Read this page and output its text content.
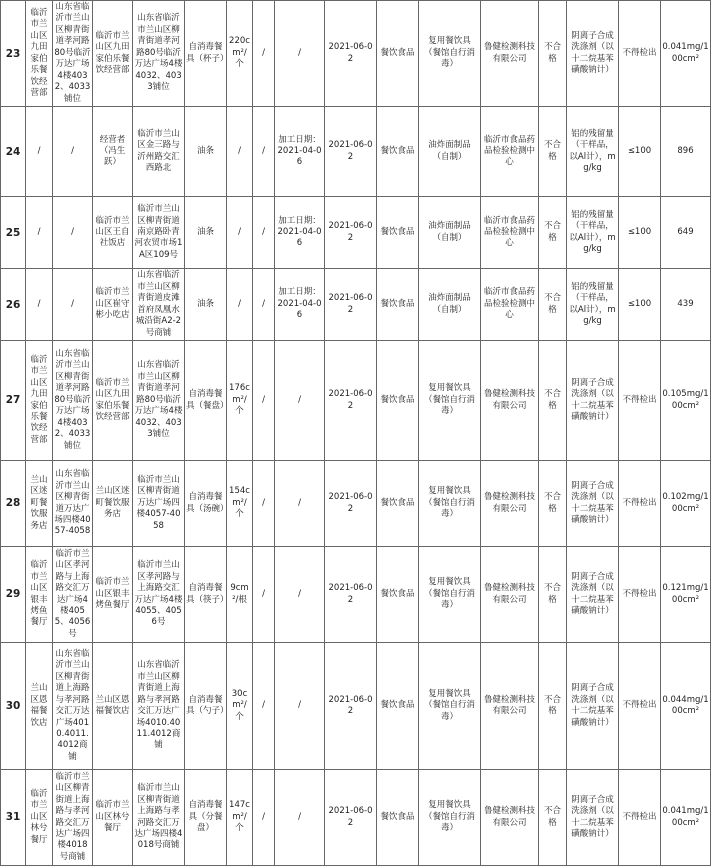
23	临沂市兰山区九田家伯乐餐饮经营部	山东省临沂市兰山区柳青街道孝河路80号临沂万达广场4楼4032、4033铺位	临沂市兰山区九田家伯乐餐饮经营部	山东省临沂市兰山区柳青街道孝河路80号临沂万达广场4楼4032、4033铺位	自消毒餐具（杯子）	220cm²/个	/	/	2021-06-02	餐饮食品	复用餐饮具（餐馆自行消毒）	鲁健检测科技有限公司	不合格	阴离子合成洗涤剂（以十二烷基苯磺酸钠计）	不得检出	0.041mg/100cm²
24	/	/	经营者（冯生跃）	临沂市兰山区金三路与沂州路交汇西路北	油条	/	/	加工日期：2021-04-06	2021-06-02	餐饮食品	油炸面制品（自制）	临沂市食品药品检验检测中心	不合格	铝的残留量（干样品，以Al计），mg/kg	≤100	896
25	/	/	临沂市兰山区王自社饭店	临沂市兰山区柳青街道南京路卧青河农贸市场1A区109号	油条	/	/	加工日期：2021-04-06	2021-06-02	餐饮食品	油炸面制品（自制）	临沂市食品药品检验检测中心	不合格	铝的残留量（干样品，以Al计），mg/kg	≤100	649
26	/	/	临沂市兰山区崔守彬小吃店	山东省临沂市兰山区柳青街道皮滩首府凤凰水城沿街A2-2号商铺	油条	/	/	加工日期：2021-04-06	2021-06-02	餐饮食品	油炸面制品（自制）	临沂市食品药品检验检测中心	不合格	铝的残留量（干样品，以Al计），mg/kg	≤100	439
27	临沂市兰山区九田家伯乐餐饮经营部	山东省临沂市兰山区柳青街道孝河路80号临沂万达广场4楼4032、4033铺位	临沂市兰山区九田家伯乐餐饮经营部	山东省临沂市兰山区柳青街道孝河路80号临沂万达广场4楼4032、4033铺位	自消毒餐具（餐盘）	176cm²/个	/	/	2021-06-02	餐饮食品	复用餐饮具（餐馆自行消毒）	鲁健检测科技有限公司	不合格	阴离子合成洗涤剂（以十二烷基苯磺酸钠计）	不得检出	0.105mg/100cm²
28	兰山区迷町餐饮服务店	山东省临沂市兰山区柳青街道万达广场四楼4057-4058	兰山区迷町餐饮服务店	临沂市兰山区柳青街道万达广场四楼4057-4058	自消毒餐具（汤碗）	154cm²/个	/	/	2021-06-02	餐饮食品	复用餐饮具（餐馆自行消毒）	鲁健检测科技有限公司	不合格	阴离子合成洗涤剂（以十二烷基苯磺酸钠计）	不得检出	0.102mg/100cm²
29	临沂市兰山区银丰烤鱼餐厅	临沂市兰山区孝河路与上海路交汇万达广场4楼4055、4056号	临沂市兰山区银丰烤鱼餐厅	临沂市兰山区孝河路与上海路交汇万达广场4楼4055、4056号	自消毒餐具（筷子）	9cm²/根	/	/	2021-06-02	餐饮食品	复用餐饮具（餐馆自行消毒）	鲁健检测科技有限公司	不合格	阴离子合成洗涤剂（以十二烷基苯磺酸钠计）	不得检出	0.121mg/100cm²
30	兰山区恩福餐饮店	山东省临沂市兰山区柳青街道上海路与孝河路交汇万达广场4010.4011.4012商铺	兰山区恩福餐饮店	山东省临沂市兰山区柳青街道上海路与孝河路交汇万达广场4010.4011.4012商铺	自消毒餐具（勺子）	30cm²/个	/	/	2021-06-02	餐饮食品	复用餐饮具（餐馆自行消毒）	鲁健检测科技有限公司	不合格	阴离子合成洗涤剂（以十二烷基苯磺酸钠计）	不得检出	0.044mg/100cm²
31	临沂市兰山区林兮餐厅	临沂市兰山区柳青街道上海路与孝河路交汇万达广场四楼4018号商铺	临沂市兰山区林兮餐厅	临沂市兰山区柳青街道上海路与孝河路交汇万达广场四楼4018号商铺	自消毒餐具（分餐盘）	147cm²/个	/	/	2021-06-02	餐饮食品	复用餐饮具（餐馆自行消毒）	鲁健检测科技有限公司	不合格	阴离子合成洗涤剂（以十二烷基苯磺酸钠计）	不得检出	0.041mg/100cm²
